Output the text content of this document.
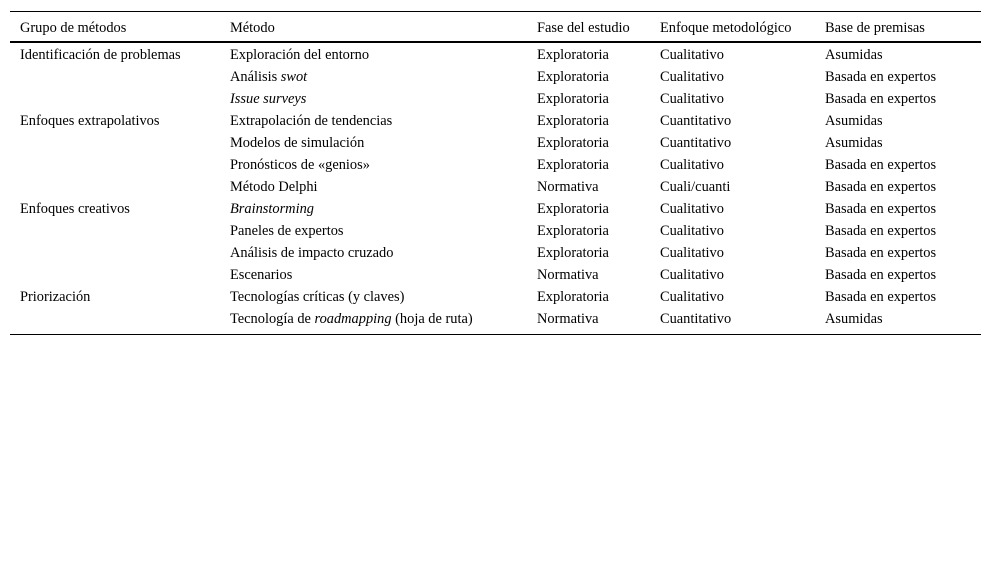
Grupo de métodos	Método	Fase del estudio	Enfoque metodológico	Base de premisas
Identificación de problemas	Exploración del entorno	Exploratoria	Cualitativo	Asumidas
	Análisis swot	Exploratoria	Cualitativo	Basada en expertos
	Issue surveys	Exploratoria	Cualitativo	Basada en expertos
Enfoques extrapolativos	Extrapolación de tendencias	Exploratoria	Cuantitativo	Asumidas
	Modelos de simulación	Exploratoria	Cuantitativo	Asumidas
	Pronósticos de «genios»	Exploratoria	Cualitativo	Basada en expertos
	Método Delphi	Normativa	Cuali/cuanti	Basada en expertos
Enfoques creativos	Brainstorming	Exploratoria	Cualitativo	Basada en expertos
	Paneles de expertos	Exploratoria	Cualitativo	Basada en expertos
	Análisis de impacto cruzado	Exploratoria	Cualitativo	Basada en expertos
	Escenarios	Normativa	Cualitativo	Basada en expertos
Priorización	Tecnologías críticas (y claves)	Exploratoria	Cualitativo	Basada en expertos
	Tecnología de roadmapping (hoja de ruta)	Normativa	Cuantitativo	Asumidas
